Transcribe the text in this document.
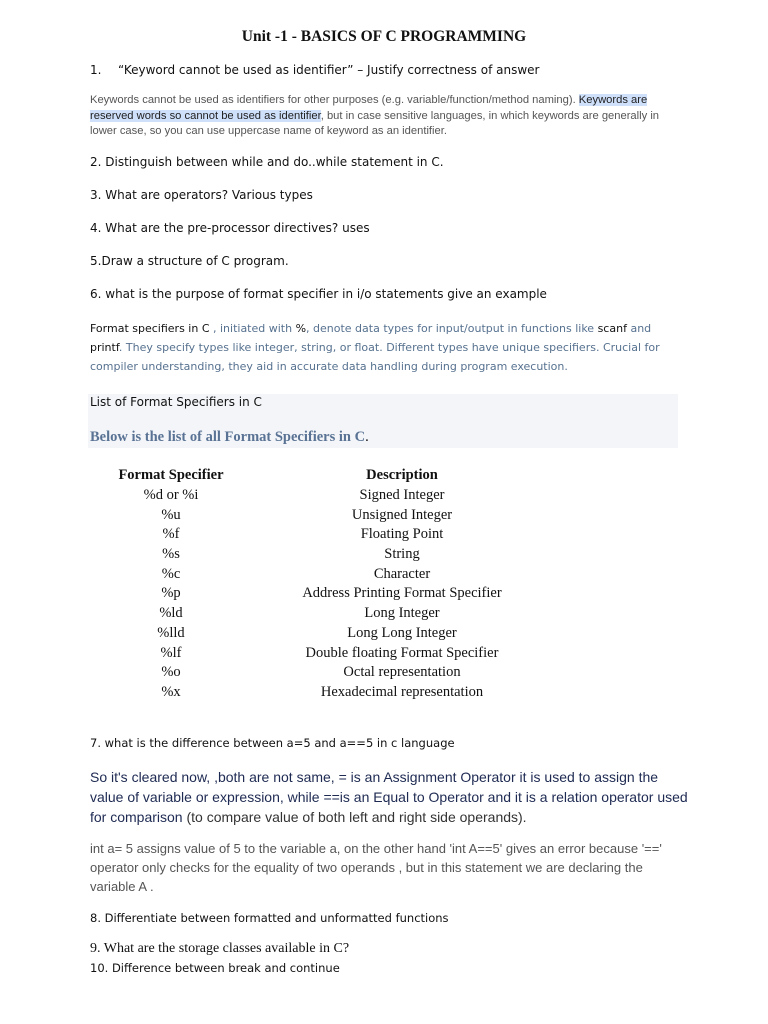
Unit -1 - BASICS OF C PROGRAMMING
1. “Keyword cannot be used as identifier” – Justify correctness of answer
Keywords cannot be used as identifiers for other purposes (e.g. variable/function/method naming). Keywords are reserved words so cannot be used as identifier, but in case sensitive languages, in which keywords are generally in lower case, so you can use uppercase name of keyword as an identifier.
2. Distinguish between while and do..while statement in C.
3. What are operators? Various types
4. What are the pre-processor directives? uses
5.Draw a structure of C program.
6. what is the purpose of format specifier in i/o statements give an example
Format specifiers in C , initiated with %, denote data types for input/output in functions like scanf and printf. They specify types like integer, string, or float. Different types have unique specifiers. Crucial for compiler understanding, they aid in accurate data handling during program execution.
List of Format Specifiers in C
Below is the list of all Format Specifiers in C.
Format Specifier	Description
%d or %i	Signed Integer
%u	Unsigned Integer
%f	Floating Point
%s	String
%c	Character
%p	Address Printing Format Specifier
%ld	Long Integer
%lld	Long Long Integer
%lf	Double floating Format Specifier
%o	Octal representation
%x	Hexadecimal representation
7. what is the difference between a=5 and a==5 in c language
So it's cleared now, ,both are not same, = is an Assignment Operator it is used to assign the value of variable or expression, while ==is an Equal to Operator and it is a relation operator used for comparison (to compare value of both left and right side operands).
int a= 5 assigns value of 5 to the variable a, on the other hand 'int A==5' gives an error because '==' operator only checks for the equality of two operands , but in this statement we are declaring the variable A .
8. Differentiate between formatted and unformatted functions
9. What are the storage classes available in C?
10. Difference between break and continue
